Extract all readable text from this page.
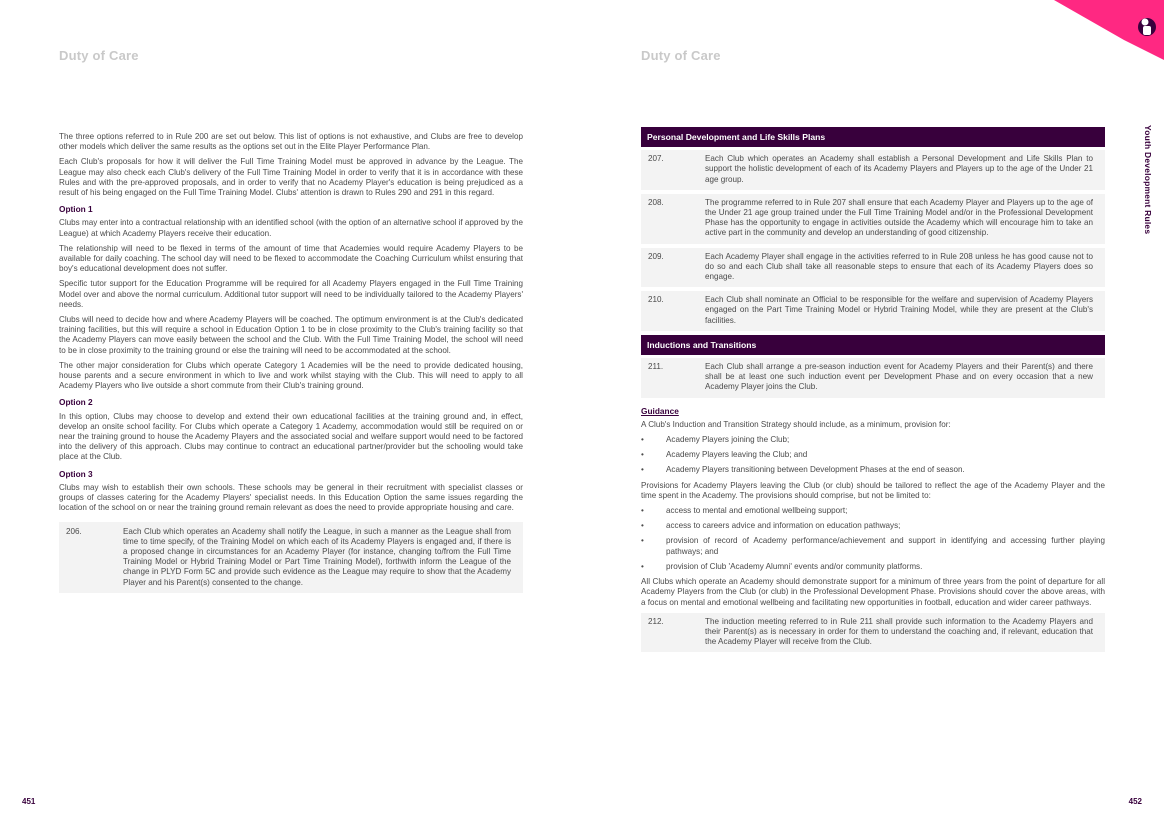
Duty of Care

The three options referred to in Rule 200 are set out below. This list of options is not exhaustive, and Clubs are free to develop other models which deliver the same results as the options set out in the Elite Player Performance Plan.

Each Club's proposals for how it will deliver the Full Time Training Model must be approved in advance by the League. The League may also check each Club's delivery of the Full Time Training Model in order to verify that it is in accordance with these Rules and with the pre-approved proposals, and in order to verify that no Academy Player's education is being prejudiced as a result of his being engaged on the Full Time Training Model. Clubs' attention is drawn to Rules 290 and 291 in this regard.

Option 1

Clubs may enter into a contractual relationship with an identified school (with the option of an alternative school if approved by the League) at which Academy Players receive their education.

The relationship will need to be flexed in terms of the amount of time that Academies would require Academy Players to be available for daily coaching. The school day will need to be flexed to accommodate the Coaching Curriculum whilst ensuring that boy's educational development does not suffer.

Specific tutor support for the Education Programme will be required for all Academy Players engaged in the Full Time Training Model over and above the normal curriculum. Additional tutor support will need to be individually tailored to the Academy Players' needs.

Clubs will need to decide how and where Academy Players will be coached. The optimum environment is at the Club's dedicated training facilities, but this will require a school in Education Option 1 to be in close proximity to the Club's training facility so that the Academy Players can move easily between the school and the Club. With the Full Time Training Model, the school will need to be in close proximity to the training ground or else the training will need to be accommodated at the school.

The other major consideration for Clubs which operate Category 1 Academies will be the need to provide dedicated housing, house parents and a secure environment in which to live and work whilst staying with the Club. This will need to apply to all Academy Players who live outside a short commute from their Club's training ground.

Option 2

In this option, Clubs may choose to develop and extend their own educational facilities at the training ground and, in effect, develop an onsite school facility. For Clubs which operate a Category 1 Academy, accommodation would still be required on or near the training ground to house the Academy Players and the associated social and welfare support would need to be factored into the delivery of this approach. Clubs may continue to contract an educational partner/provider but the schooling would take place at the Club.

Option 3

Clubs may wish to establish their own schools. These schools may be general in their recruitment with specialist classes or groups of classes catering for the Academy Players' specialist needs. In this Education Option the same issues regarding the location of the school on or near the training ground remain relevant as does the need to provide appropriate housing and care.

206.	Each Club which operates an Academy shall notify the League, in such a manner as the League shall from time to time specify, of the Training Model on which each of its Academy Players is engaged and, if there is a proposed change in circumstances for an Academy Player (for instance, changing to/from the Full Time Training Model or Hybrid Training Model or Part Time Training Model), forthwith inform the League of the change in PLYD Form 5C and provide such evidence as the League may require to show that the Academy Player and his Parent(s) consented to the change.
451
Duty of Care
Youth Development Rules
Personal Development and Life Skills Plans
207.	Each Club which operates an Academy shall establish a Personal Development and Life Skills Plan to support the holistic development of each of its Academy Players and Players up to the age of the Under 21 age group.
208.	The programme referred to in Rule 207 shall ensure that each Academy Player and Players up to the age of the Under 21 age group trained under the Full Time Training Model and/or in the Professional Development Phase has the opportunity to engage in activities outside the Academy which will encourage him to take an active part in the community and develop an understanding of good citizenship.
209.	Each Academy Player shall engage in the activities referred to in Rule 208 unless he has good cause not to do so and each Club shall take all reasonable steps to ensure that each of its Academy Players does so engage.
210.	Each Club shall nominate an Official to be responsible for the welfare and supervision of Academy Players engaged on the Part Time Training Model or Hybrid Training Model, while they are present at the Club's facilities.
Inductions and Transitions
211.	Each Club shall arrange a pre-season induction event for Academy Players and their Parent(s) and there shall be at least one such induction event per Development Phase and on every occasion that a new Academy Player joins the Club.
Guidance

A Club's Induction and Transition Strategy should include, as a minimum, provision for:

• Academy Players joining the Club;
• Academy Players leaving the Club; and
• Academy Players transitioning between Development Phases at the end of season.

Provisions for Academy Players leaving the Club (or club) should be tailored to reflect the age of the Academy Player and the time spent in the Academy. The provisions should comprise, but not be limited to:

• access to mental and emotional wellbeing support;
• access to careers advice and information on education pathways;
• provision of record of Academy performance/achievement and support in identifying and accessing further playing pathways; and
• provision of Club 'Academy Alumni' events and/or community platforms.

All Clubs which operate an Academy should demonstrate support for a minimum of three years from the point of departure for all Academy Players from the Club (or club) in the Professional Development Phase. Provisions should cover the above areas, with a focus on mental and emotional wellbeing and facilitating new opportunities in football, education and wider career pathways.

212.	The induction meeting referred to in Rule 211 shall provide such information to the Academy Players and their Parent(s) as is necessary in order for them to understand the coaching and, if relevant, education that the Academy Player will receive from the Club.
452
